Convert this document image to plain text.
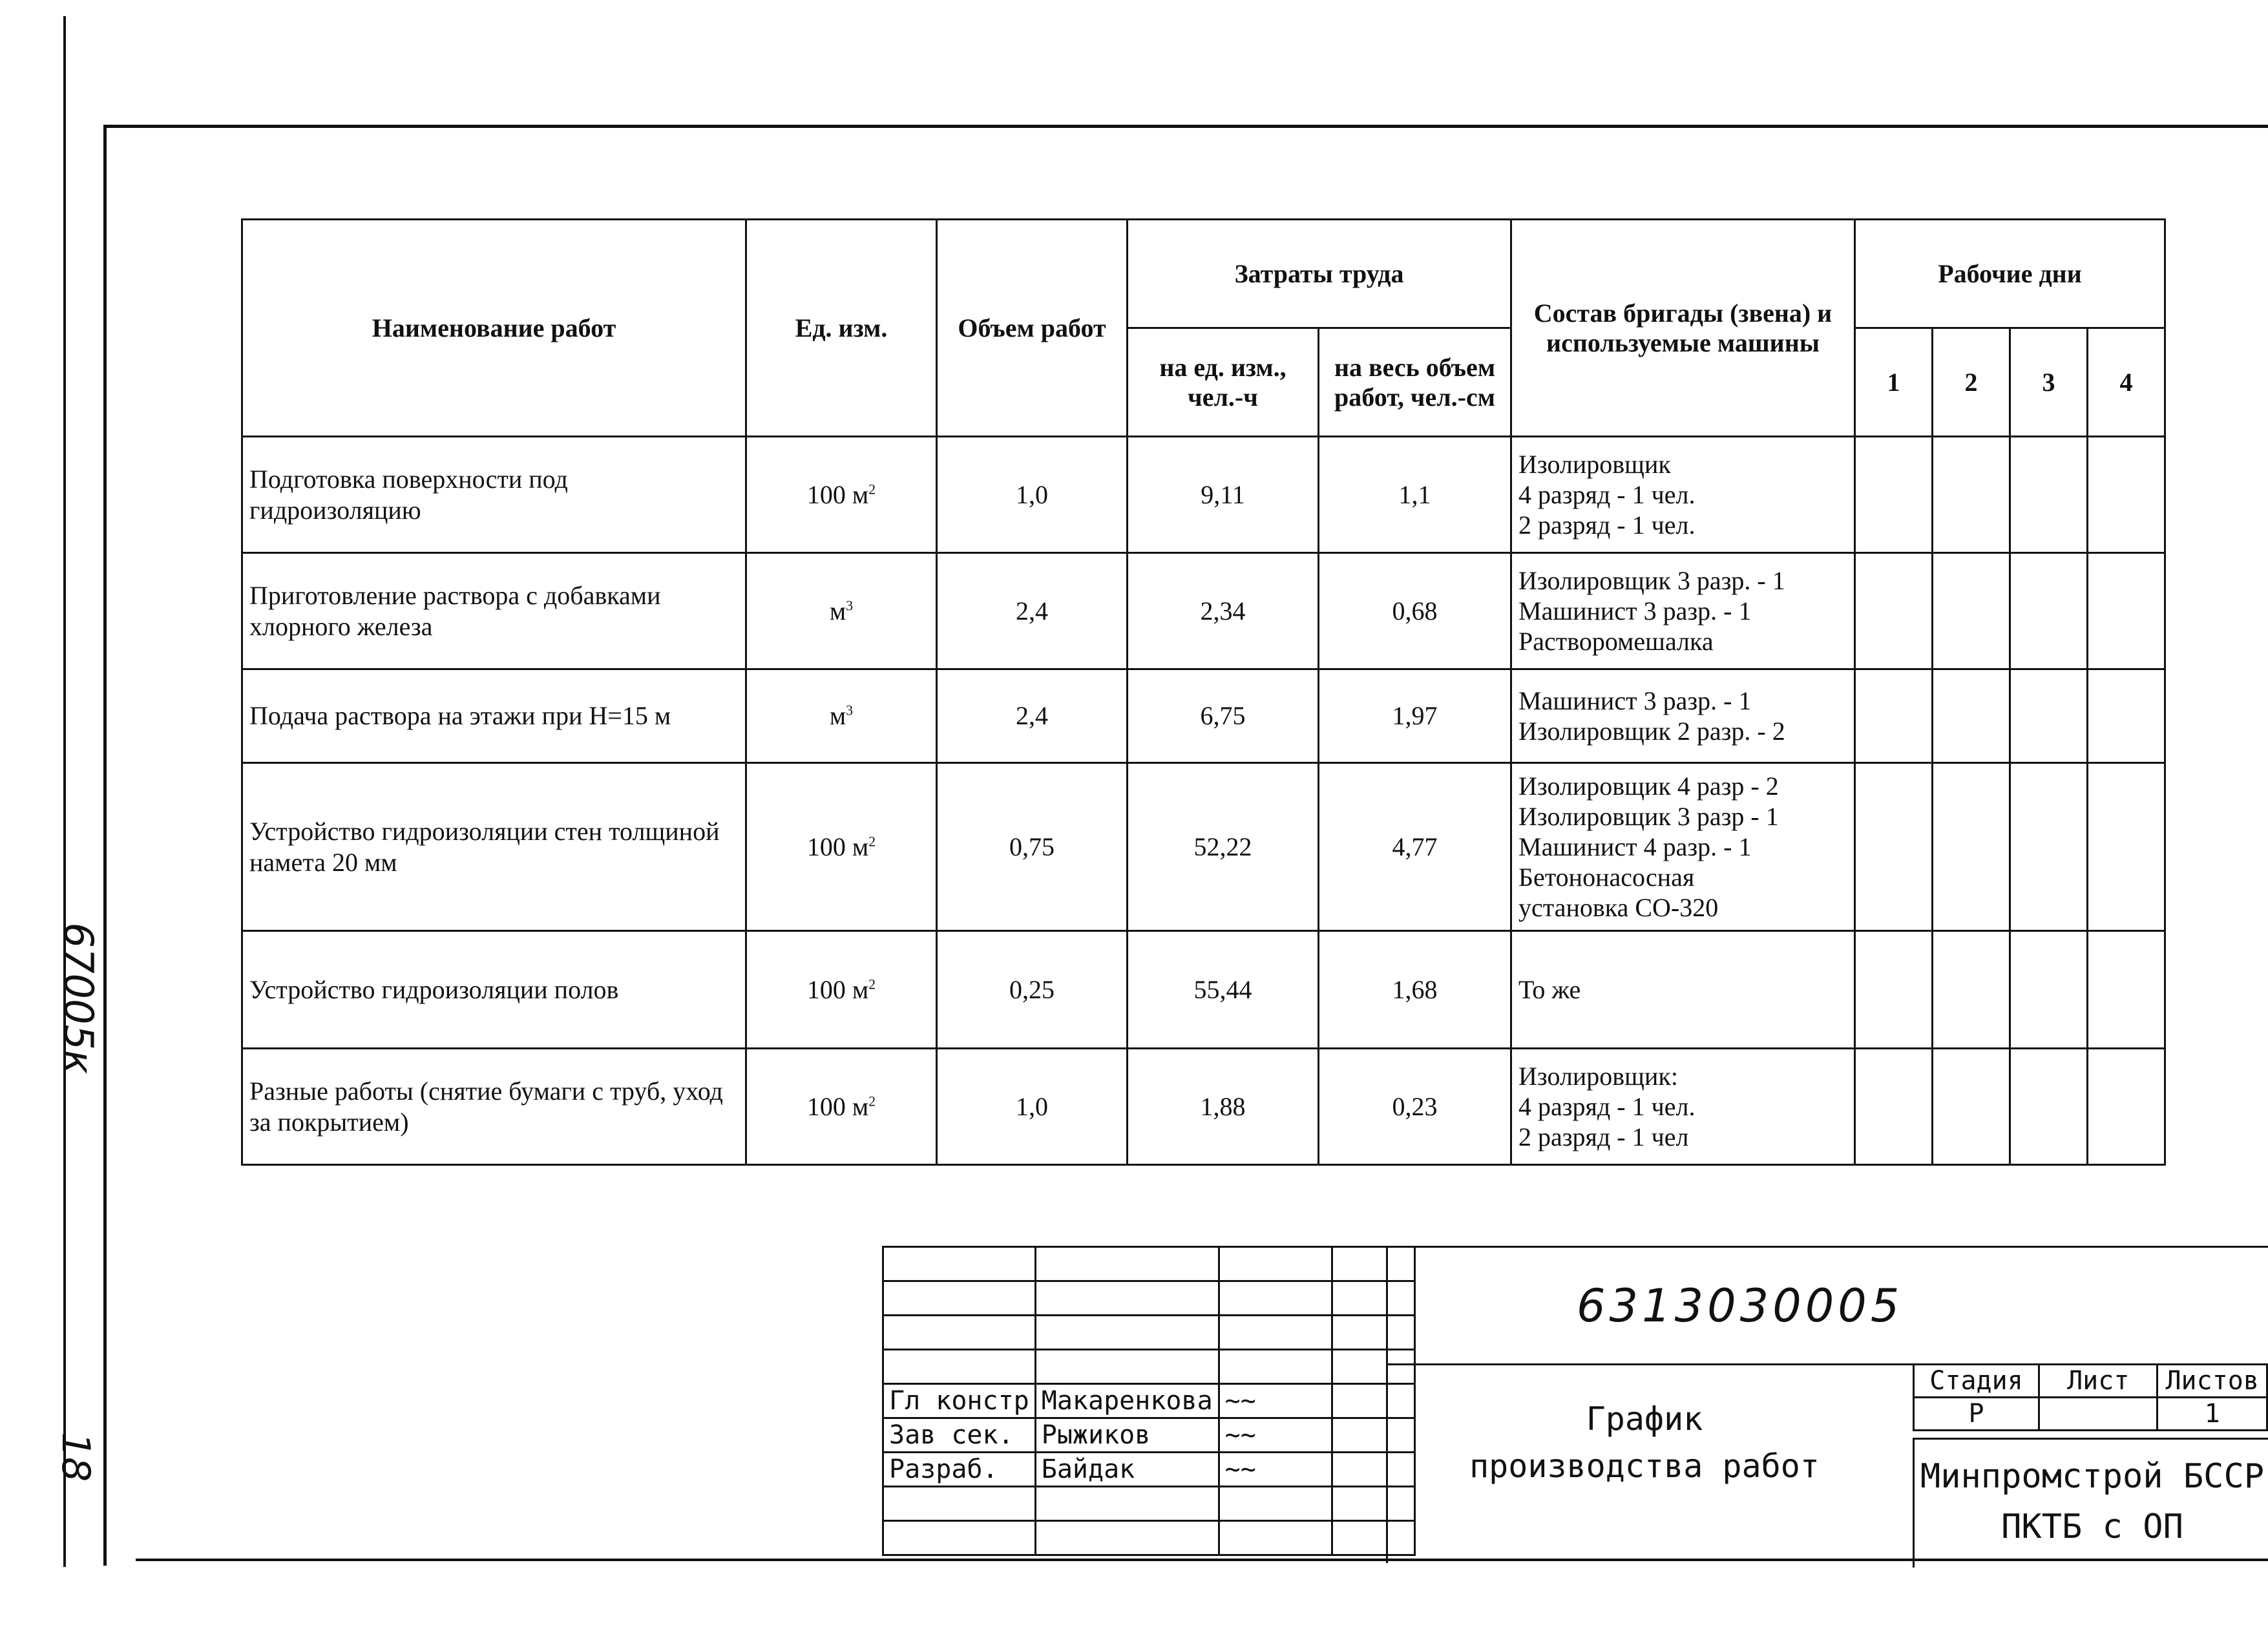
67005к
18
Наименование работ	Ед. изм.	Объем работ	Затраты труда		Состав бригады (звена) и используемые машины	Рабочие дни			
			на ед. изм., чел.-ч	на весь объем работ, чел.-см		1	2	3	4
Подготовка поверхности под гидроизоляцию	100 $м^2$	1,0	9,11	1,1	Изолировщик
4 разряд - 1 чел.
2 разряд - 1 чел.				
Приготовление раствора с добавками хлорного железа	$м^3$	2,4	2,34	0,68	Изолировщик 3 разр. - 1
Машинист 3 разр. - 1
Растворомешалка				
Подача раствора на этажи при Н=15 м	$м^3$	2,4	6,75	1,97	Машинист 3 разр. - 1
Изолировщик 2 разр. - 2				
Устройство гидроизоляции стен толщиной намета 20 мм	100 $м^2$	0,75	52,22	4,77	Изолировщик 4 разр - 2
Изолировщик 3 разр - 1
Машинист 4 разр. - 1
Бетононасосная
установка СО-320				
Устройство гидроизоляции полов	100 $м^2$	0,25	55,44	1,68	То же				
Разные работы (снятие бумаги с труб, уход за покрытием)	100 $м^2$	1,0	1,88	0,23	Изолировщик:
4 разряд - 1 чел.
2 разряд - 1 чел				

Гл констр	Макаренкова	~~	
Зав сек.	Рыжиков	~~	
Разраб.	Байдак	~~	

6313030005
График
производства работ
Стадия	Лист	Листов
Р		1
Минпромстрой БССР
ПКТБ с ОП
